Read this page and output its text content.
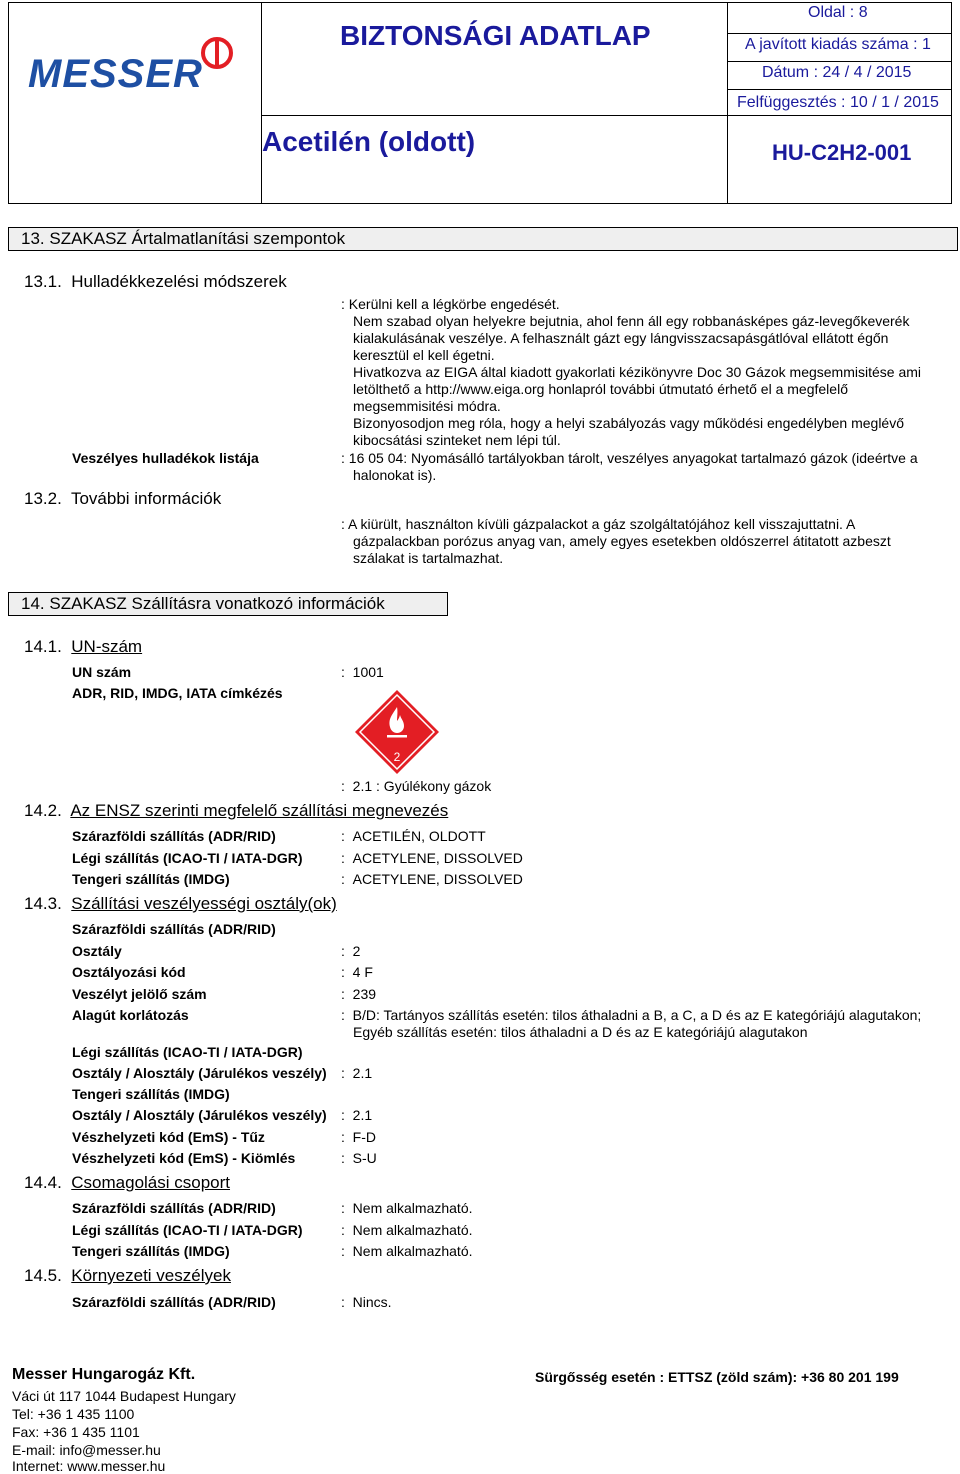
MESSER
BIZTONSÁGI ADATLAP
Acetilén (oldott)
Oldal : 8
A javított kiadás száma : 1
Dátum : 24 / 4 / 2015
Felfüggesztés : 10 / 1 / 2015
HU-C2H2-001
13. SZAKASZ Ártalmatlanítási szempontok
13.1. Hulladékkezelési módszerek
: Kerülni kell a légkörbe engedését.
Nem szabad olyan helyekre bejutnia, ahol fenn áll egy robbanásképes gáz-levegőkeverék
kialakulásának veszélye. A felhasznált gázt egy lángvisszacsapásgátlóval ellátott égőn
keresztül el kell égetni.
Hivatkozva az EIGA által kiadott gyakorlati kézikönyvre Doc 30 Gázok megsemmisitése ami
letölthető a http://www.eiga.org honlapról további útmutató érhető el a megfelelő
megsemmisitési módra.
Bizonyosodjon meg róla, hogy a helyi szabályozás vagy működési engedélyben meglévő
kibocsátási szinteket nem lépi túl.
Veszélyes hulladékok listája	: 16 05 04: Nyomásálló tartályokban tárolt, veszélyes anyagokat tartalmazó gázok (ideértve a
halonokat is).
13.2. További információk
: A kiürült, használton kívüli gázpalackot a gáz szolgáltatójához kell visszajuttatni. A
gázpalackban porózus anyag van, amely egyes esetekben oldószerrel átitatott azbeszt
szálakat is tartalmazhat.
14. SZAKASZ Szállításra vonatkozó információk
14.1. UN-szám
UN szám	:  1001
ADR, RID, IMDG, IATA címkézés
2
:  2.1 : Gyúlékony gázok
14.2. Az ENSZ szerinti megfelelő szállítási megnevezés
Szárazföldi szállítás (ADR/RID)	:  ACETILÉN, OLDOTT
Légi szállítás (ICAO-TI / IATA-DGR)	:  ACETYLENE, DISSOLVED
Tengeri szállítás (IMDG)	:  ACETYLENE, DISSOLVED
14.3. Szállítási veszélyességi osztály(ok)
Szárazföldi szállítás (ADR/RID)
Osztály	:  2
Osztályozási kód	:  4 F
Veszélyt jelölő szám	:  239
Alagút korlátozás	:  B/D: Tartányos szállítás esetén: tilos áthaladni a B, a C, a D és az E kategóriájú alagutakon;
Egyéb szállítás esetén: tilos áthaladni a D és az E kategóriájú alagutakon
Légi szállítás (ICAO-TI / IATA-DGR)
Osztály / Alosztály (Járulékos veszély) :  2.1
Tengeri szállítás (IMDG)
Osztály / Alosztály (Járulékos veszély) :  2.1
Vészhelyzeti kód (EmS) - Tűz	:  F-D
Vészhelyzeti kód (EmS) - Kiömlés	:  S-U
14.4. Csomagolási csoport
Szárazföldi szállítás (ADR/RID)	:  Nem alkalmazható.
Légi szállítás (ICAO-TI / IATA-DGR)	:  Nem alkalmazható.
Tengeri szállítás (IMDG)	:  Nem alkalmazható.
14.5. Környezeti veszélyek
Szárazföldi szállítás (ADR/RID)	:  Nincs.
Messer Hungarogáz Kft.
Váci út 117 1044 Budapest Hungary
Tel: +36 1 435 1100
Fax: +36 1 435 1101
E-mail: info@messer.hu
Internet: www.messer.hu
Sürgősség esetén : ETTSZ (zöld szám): +36 80 201 199
